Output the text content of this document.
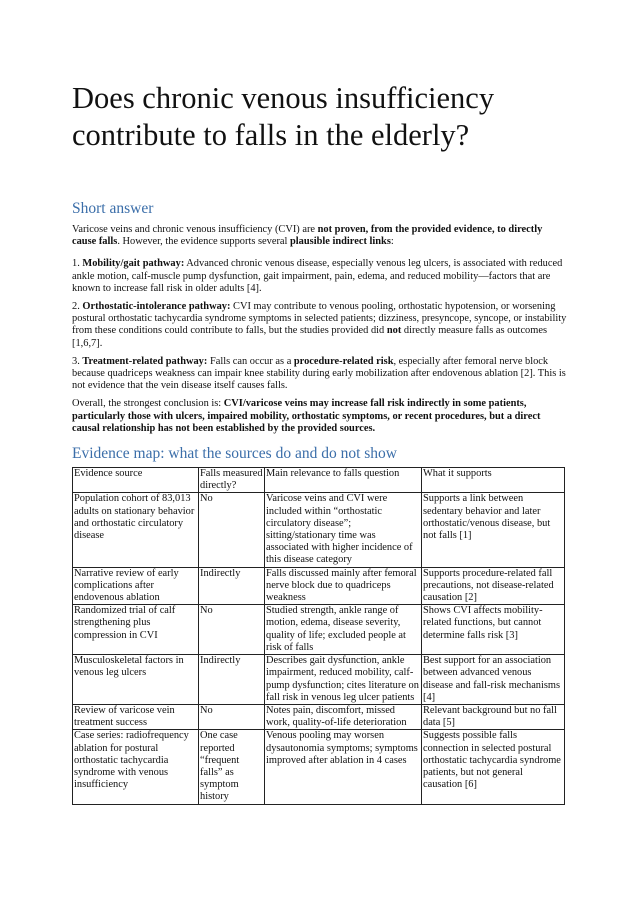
Does chronic venous insufficiency contribute to falls in the elderly?
Short answer

Varicose veins and chronic venous insufficiency (CVI) are not proven, from the provided evidence, to directly cause falls. However, the evidence supports several plausible indirect links:

1. Mobility/gait pathway: Advanced chronic venous disease, especially venous leg ulcers, is associated with reduced ankle motion, calf-muscle pump dysfunction, gait impairment, pain, edema, and reduced mobility—factors that are known to increase fall risk in older adults [4].

2. Orthostatic-intolerance pathway: CVI may contribute to venous pooling, orthostatic hypotension, or worsening postural orthostatic tachycardia syndrome symptoms in selected patients; dizziness, presyncope, syncope, or instability from these conditions could contribute to falls, but the studies provided did not directly measure falls as outcomes [1,6,7].

3. Treatment-related pathway: Falls can occur as a procedure-related risk, especially after femoral nerve block because quadriceps weakness can impair knee stability during early mobilization after endovenous ablation [2]. This is not evidence that the vein disease itself causes falls.

Overall, the strongest conclusion is: CVI/varicose veins may increase fall risk indirectly in some patients, particularly those with ulcers, impaired mobility, orthostatic symptoms, or recent procedures, but a direct causal relationship has not been established by the provided sources.

Evidence map: what the sources do and do not show
Evidence source	Falls measured directly?	Main relevance to falls question	What it supports
Population cohort of 83,013 adults on stationary behavior and orthostatic circulatory disease	No	Varicose veins and CVI were included within “orthostatic circulatory disease”; sitting/stationary time was associated with higher incidence of this disease category	Supports a link between sedentary behavior and later orthostatic/venous disease, but not falls [1]
Narrative review of early complications after endovenous ablation	Indirectly	Falls discussed mainly after femoral nerve block due to quadriceps weakness	Supports procedure-related fall precautions, not disease-related causation [2]
Randomized trial of calf strengthening plus compression in CVI	No	Studied strength, ankle range of motion, edema, disease severity, quality of life; excluded people at risk of falls	Shows CVI affects mobility-related functions, but cannot determine falls risk [3]
Musculoskeletal factors in venous leg ulcers	Indirectly	Describes gait dysfunction, ankle impairment, reduced mobility, calf-pump dysfunction; cites literature on fall risk in venous leg ulcer patients	Best support for an association between advanced venous disease and fall-risk mechanisms [4]
Review of varicose vein treatment success	No	Notes pain, discomfort, missed work, quality-of-life deterioration	Relevant background but no fall data [5]
Case series: radiofrequency ablation for postural orthostatic tachycardia syndrome with venous insufficiency	One case reported “frequent falls” as symptom history	Venous pooling may worsen dysautonomia symptoms; symptoms improved after ablation in 4 cases	Suggests possible falls connection in selected postural orthostatic tachycardia syndrome patients, but not general causation [6]
